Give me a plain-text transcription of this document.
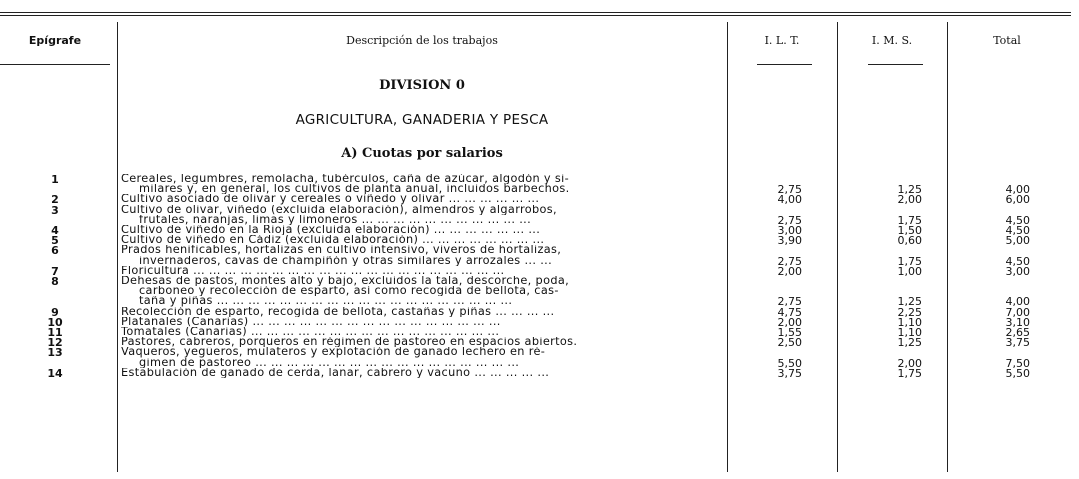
Epígrafe	Descripción de los trabajos	I. L. T.	I. M. S.	Total
DIVISION 0
AGRICULTURA, GANADERIA Y PESCA
A) Cuotas por salarios
1	Cereales, legumbres, remolacha, tubérculos, caña de azúcar, algodón y si-
milares y, en general, los cultivos de planta anual, incluidos barbechos.	2,75	1,25	4,00
2	Cultivo asociado de olivar y cereales o viñedo y olivar ... ... ... ... ... ...	4,00	2,00	6,00
3	Cultivo de olivar, viñedo (excluida elaboración), almendros y algarrobos,
frutales, naranjas, limas y limoneros ... ... ... ... ... ... ... ... ... ... ...	2,75	1,75	4,50
4	Cultivo de viñedo en la Rioja (excluida elaboración) ... ... ... ... ... ... ...	3,00	1,50	4,50
5	Cultivo de viñedo en Cádiz (excluida elaboración) ... ... ... ... ... ... ... ...	3,90	0,60	5,00
6	Prados henificables, hortalizas en cultivo intensivo, viveros de hortalizas,
invernaderos, cavas de champiñón y otras similares y arrozales ... ...	2,75	1,75	4,50
7	Floricultura ... ... ... ... ... ... ... ... ... ... ... ... ... ... ... ... ... ... ... ...	2,00	1,00	3,00
8	Dehesas de pastos, montes alto y bajo, excluidos la tala, descorche, poda,
carboneo y recolección de esparto, así como recogida de bellota, cas-
taña y piñas ... ... ... ... ... ... ... ... ... ... ... ... ... ... ... ... ... ... ...	2,75	1,25	4,00
9	Recolección de esparto, recogida de bellota, castañas y piñas ... ... ... ...	4,75	2,25	7,00
10	Platanales (Canarias) ... ... ... ... ... ... ... ... ... ... ... ... ... ... ... ...	2,00	1,10	3,10
11	Tomatales (Canarias) ... ... ... ... ... ... ... ... ... ... ... ... ... ... ... ...	1,55	1,10	2,65
12	Pastores, cabreros, porqueros en régimen de pastoreo en espacios abiertos.	2,50	1,25	3,75
13	Vaqueros, yegüeros, mulateros y explotación de ganado lechero en ré-
gimen de pastoreo ... ... ... ... ... ... ... ... ... ... ... ... ... ... ... ... ...	5,50	2,00	7,50
14	Estabulación de ganado de cerda, lanar, cabrero y vacuno ... ... ... ... ...	3,75	1,75	5,50
